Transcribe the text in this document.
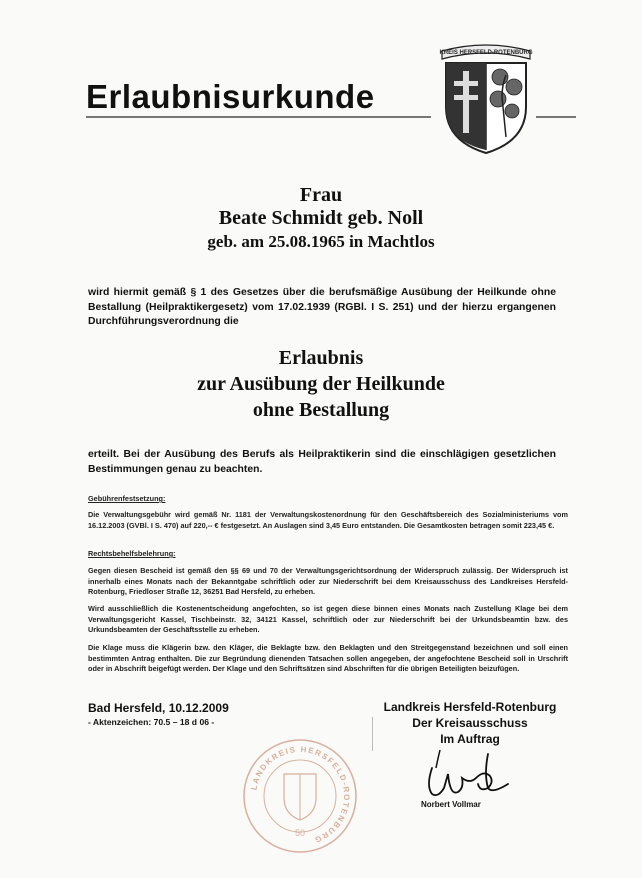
Erlaubnisurkunde
KREIS HERSFELD-ROTENBURG
Frau
Beate Schmidt geb. Noll
geb. am 25.08.1965 in Machtlos
wird hiermit gemäß § 1 des Gesetzes über die berufsmäßige Ausübung der Heilkunde ohne Bestallung (Heilpraktikergesetz) vom 17.02.1939 (RGBl. I S. 251) und der hierzu ergangenen Durchführungsverordnung die
Erlaubnis
zur Ausübung der Heilkunde
ohne Bestallung
erteilt. Bei der Ausübung des Berufs als Heilpraktikerin sind die einschlägigen gesetzlichen Bestimmungen genau zu beachten.
Gebührenfestsetzung:
Die Verwaltungsgebühr wird gemäß Nr. 1181 der Verwaltungskostenordnung für den Geschäftsbereich des Sozialministeriums vom 16.12.2003 (GVBl. I S. 470) auf 220,-- € festgesetzt. An Auslagen sind 3,45 Euro entstanden. Die Gesamtkosten betragen somit 223,45 €.
Rechtsbehelfsbelehrung:
Gegen diesen Bescheid ist gemäß den §§ 69 und 70 der Verwaltungsgerichtsordnung der Widerspruch zulässig. Der Widerspruch ist innerhalb eines Monats nach der Bekanntgabe schriftlich oder zur Niederschrift bei dem Kreisausschuss des Landkreises Hersfeld-Rotenburg, Friedloser Straße 12, 36251 Bad Hersfeld, zu erheben.
Wird ausschließlich die Kostenentscheidung angefochten, so ist gegen diese binnen eines Monats nach Zustellung Klage bei dem Verwaltungsgericht Kassel, Tischbeinstr. 32, 34121 Kassel, schriftlich oder zur Niederschrift bei der Urkundsbeamtin bzw. des Urkundsbeamten der Geschäftsstelle zu erheben.
Die Klage muss die Klägerin bzw. den Kläger, die Beklagte bzw. den Beklagten und den Streitgegenstand bezeichnen und soll einen bestimmten Antrag enthalten. Die zur Begründung dienenden Tatsachen sollen angegeben, der angefochtene Bescheid soll in Urschrift oder in Abschrift beigefügt werden. Der Klage und den Schriftsätzen sind Abschriften für die übrigen Beteiligten beizufügen.
Bad Hersfeld, 10.12.2009
- Aktenzeichen: 70.5 – 18 d 06 -
Landkreis Hersfeld-Rotenburg
Der Kreisausschuss
Im Auftrag
Norbert Vollmar
LANDKREIS HERSFELD-ROTENBURG
50
